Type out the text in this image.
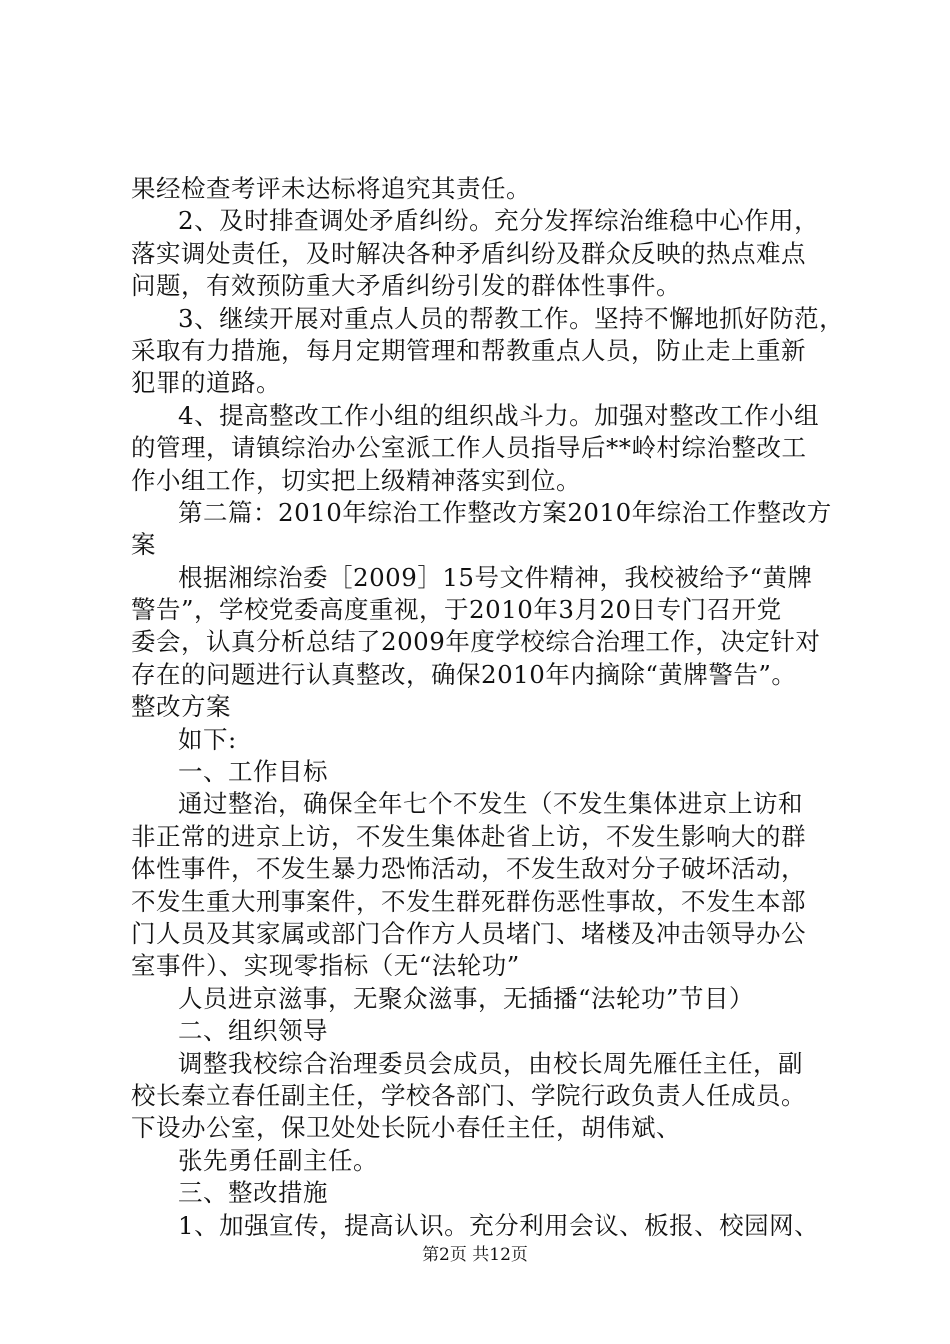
果经检查考评未达标将追究其责任。
2、及时排查调处矛盾纠纷。充分发挥综治维稳中心作用，
落实调处责任，及时解决各种矛盾纠纷及群众反映的热点难点
问题，有效预防重大矛盾纠纷引发的群体性事件。
3、继续开展对重点人员的帮教工作。坚持不懈地抓好防范，
采取有力措施，每月定期管理和帮教重点人员，防止走上重新
犯罪的道路。
4、提高整改工作小组的组织战斗力。加强对整改工作小组
的管理，请镇综治办公室派工作人员指导后**岭村综治整改工
作小组工作，切实把上级精神落实到位。
第二篇：2010年综治工作整改方案2010年综治工作整改方
案
根据湘综治委［2009］15号文件精神，我校被给予“黄牌
警告”，学校党委高度重视，于2010年3月20日专门召开党
委会，认真分析总结了2009年度学校综合治理工作，决定针对
存在的问题进行认真整改，确保2010年内摘除“黄牌警告”。
整改方案
如下:
一、工作目标
通过整治，确保全年七个不发生（不发生集体进京上访和
非正常的进京上访，不发生集体赴省上访，不发生影响大的群
体性事件，不发生暴力恐怖活动，不发生敌对分子破坏活动，
不发生重大刑事案件，不发生群死群伤恶性事故，不发生本部
门人员及其家属或部门合作方人员堵门、堵楼及冲击领导办公
室事件）、实现零指标（无“法轮功”
人员进京滋事，无聚众滋事，无插播“法轮功”节目）
二、组织领导
调整我校综合治理委员会成员，由校长周先雁任主任，副
校长秦立春任副主任，学校各部门、学院行政负责人任成员。
下设办公室，保卫处处长阮小春任主任，胡伟斌、
张先勇任副主任。
三、整改措施
1、加强宣传，提高认识。充分利用会议、板报、校园网、
第2页 共12页
